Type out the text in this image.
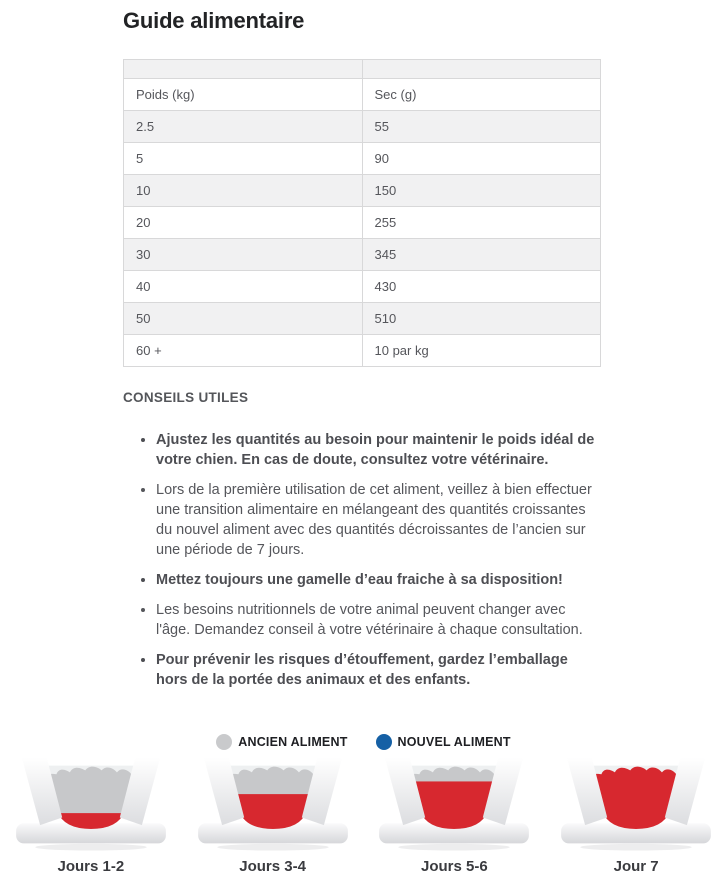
Guide alimentaire

Poids (kg)	Sec (g)
2.5	55
5	90
10	150
20	255
30	345
40	430
50	510
60 +	10 par kg
CONSEILS UTILES
• Ajustez les quantités au besoin pour maintenir le poids idéal de votre chien. En cas de doute, consultez votre vétérinaire.
• Lors de la première utilisation de cet aliment, veillez à bien effectuer une transition alimentaire en mélangeant des quantités croissantes du nouvel aliment avec des quantités décroissantes de l’ancien sur une période de 7 jours.
• Mettez toujours une gamelle d’eau fraiche à sa disposition!
• Les besoins nutritionnels de votre animal peuvent changer avec l'âge. Demandez conseil à votre vétérinaire à chaque consultation.
• Pour prévenir les risques d’étouffement, gardez l’emballage hors de la portée des animaux et des enfants.
ANCIEN ALIMENT	NOUVEL ALIMENT
Jours 1-2	Jours 3-4	Jours 5-6	Jour 7
